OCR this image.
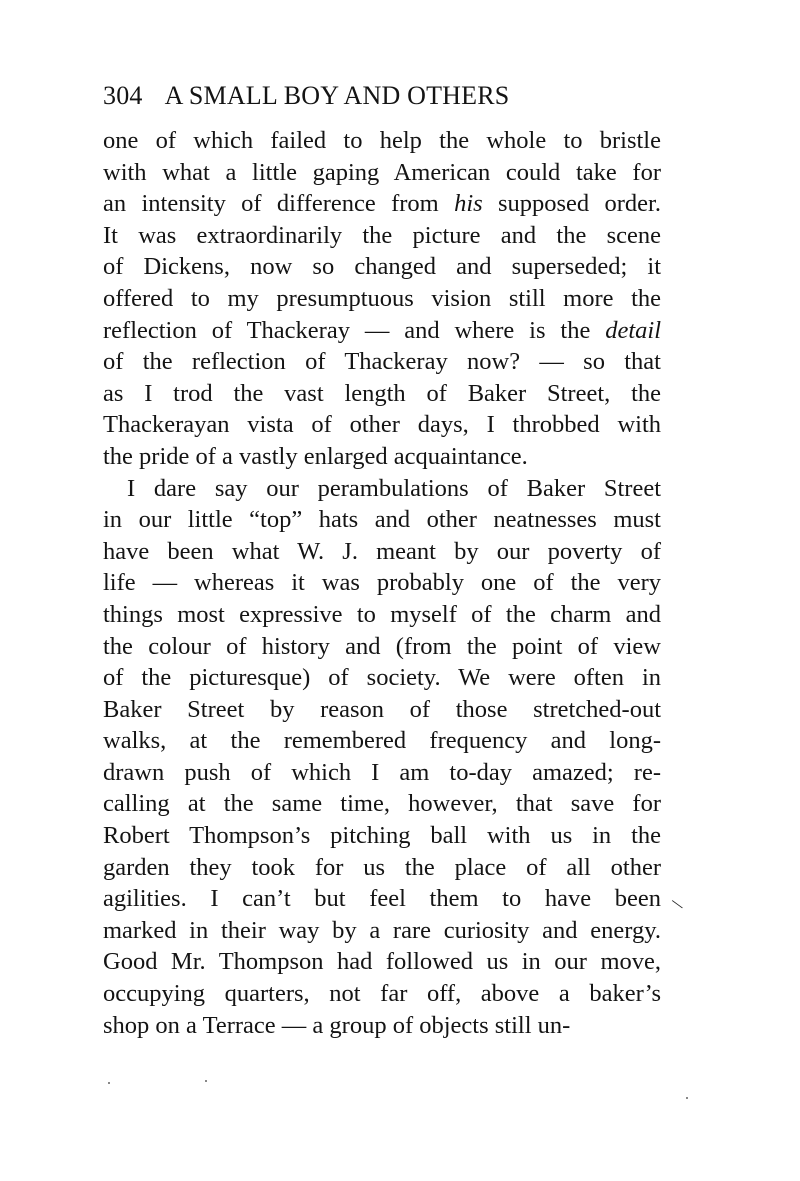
304 A SMALL BOY AND OTHERS
one of which failed to help the whole to bristle
with what a little gaping American could take for
an intensity of difference from his supposed order.
It was extraordinarily the picture and the scene
of Dickens, now so changed and superseded; it
offered to my presumptuous vision still more the
reflection of Thackeray — and where is the detail
of the reflection of Thackeray now? — so that
as I trod the vast length of Baker Street, the
Thackerayan vista of other days, I throbbed with
the pride of a vastly enlarged acquaintance.
I dare say our perambulations of Baker Street
in our little “top” hats and other neatnesses must
have been what W. J. meant by our poverty of
life — whereas it was probably one of the very
things most expressive to myself of the charm and
the colour of history and (from the point of view
of the picturesque) of society. We were often in
Baker Street by reason of those stretched-out
walks, at the remembered frequency and long-
drawn push of which I am to-day amazed; re-
calling at the same time, however, that save for
Robert Thompson’s pitching ball with us in the
garden they took for us the place of all other
agilities. I can’t but feel them to have been
marked in their way by a rare curiosity and energy.
Good Mr. Thompson had followed us in our move,
occupying quarters, not far off, above a baker’s
shop on a Terrace — a group of objects still un-
\
